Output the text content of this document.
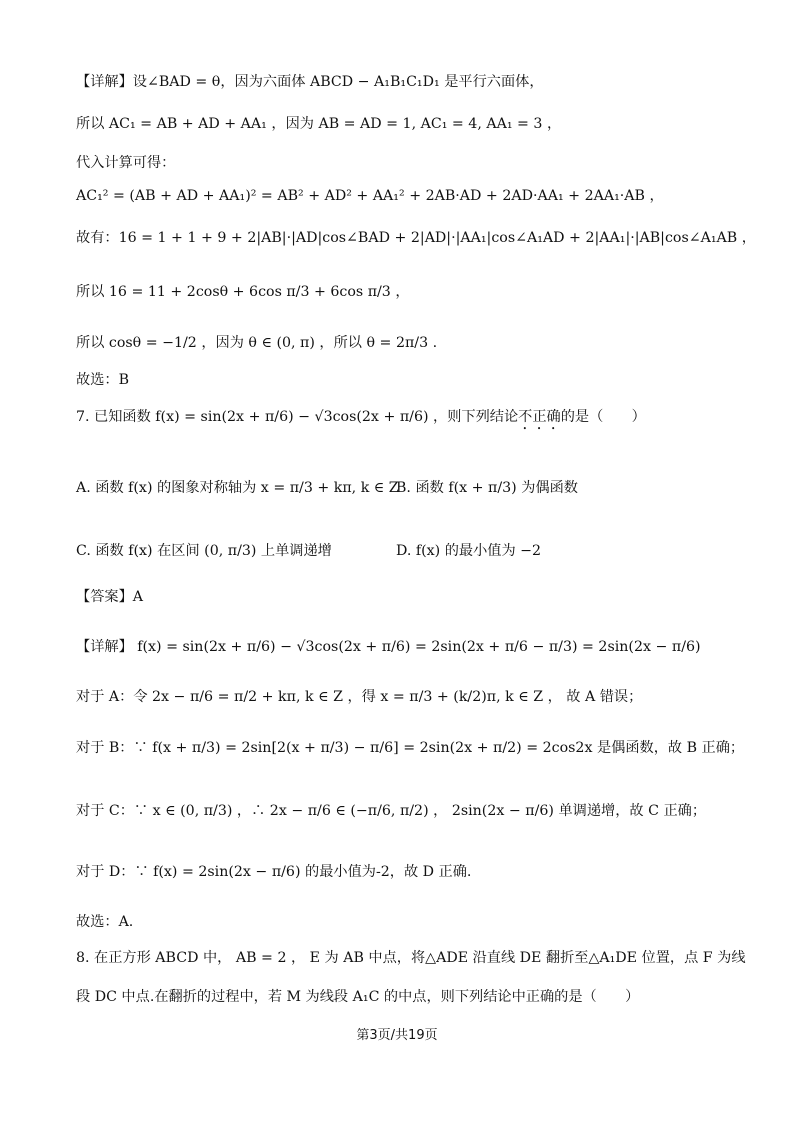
【详解】设∠BAD = θ，因为六面体 ABCD − A₁B₁C₁D₁ 是平行六面体，
所以 AC₁ = AB + AD + AA₁ ，因为 AB = AD = 1, AC₁ = 4, AA₁ = 3 ，
代入计算可得：
AC₁² = (AB + AD + AA₁)² = AB² + AD² + AA₁² + 2AB·AD + 2AD·AA₁ + 2AA₁·AB ，
故有：16 = 1 + 1 + 9 + 2|AB|·|AD|cos∠BAD + 2|AD|·|AA₁|cos∠A₁AD + 2|AA₁|·|AB|cos∠A₁AB ，
所以 16 = 11 + 2cosθ + 6cos π/3 + 6cos π/3 ，
所以 cosθ = −1/2 ，因为 θ ∈ (0, π) ，所以 θ = 2π/3 .
故选：B
7. 已知函数 f(x) = sin(2x + π/6) − √3cos(2x + π/6) ，则下列结论不正确的是（　　）
A. 函数 f(x) 的图象对称轴为 x = π/3 + kπ, k ∈ Z
B. 函数 f(x + π/3) 为偶函数
C. 函数 f(x) 在区间 (0, π/3) 上单调递增	D. f(x) 的最小值为 −2
【答案】A
【详解】 f(x) = sin(2x + π/6) − √3cos(2x + π/6) = 2sin(2x + π/6 − π/3) = 2sin(2x − π/6)
对于 A：令 2x − π/6 = π/2 + kπ, k ∈ Z ，得 x = π/3 + (k/2)π, k ∈ Z ， 故 A 错误；
对于 B：∵ f(x + π/3) = 2sin[2(x + π/3) − π/6] = 2sin(2x + π/2) = 2cos2x 是偶函数，故 B 正确；
对于 C：∵ x ∈ (0, π/3) ，∴ 2x − π/6 ∈ (−π/6, π/2) ， 2sin(2x − π/6) 单调递增，故 C 正确；
对于 D：∵ f(x) = 2sin(2x − π/6) 的最小值为-2，故 D 正确.
故选：A.
8. 在正方形 ABCD 中， AB = 2 ， E 为 AB 中点，将△ADE 沿直线 DE 翻折至△A₁DE 位置，点 F 为线
段 DC 中点.在翻折的过程中，若 M 为线段 A₁C 的中点，则下列结论中正确的是（　　）
第3页/共19页
